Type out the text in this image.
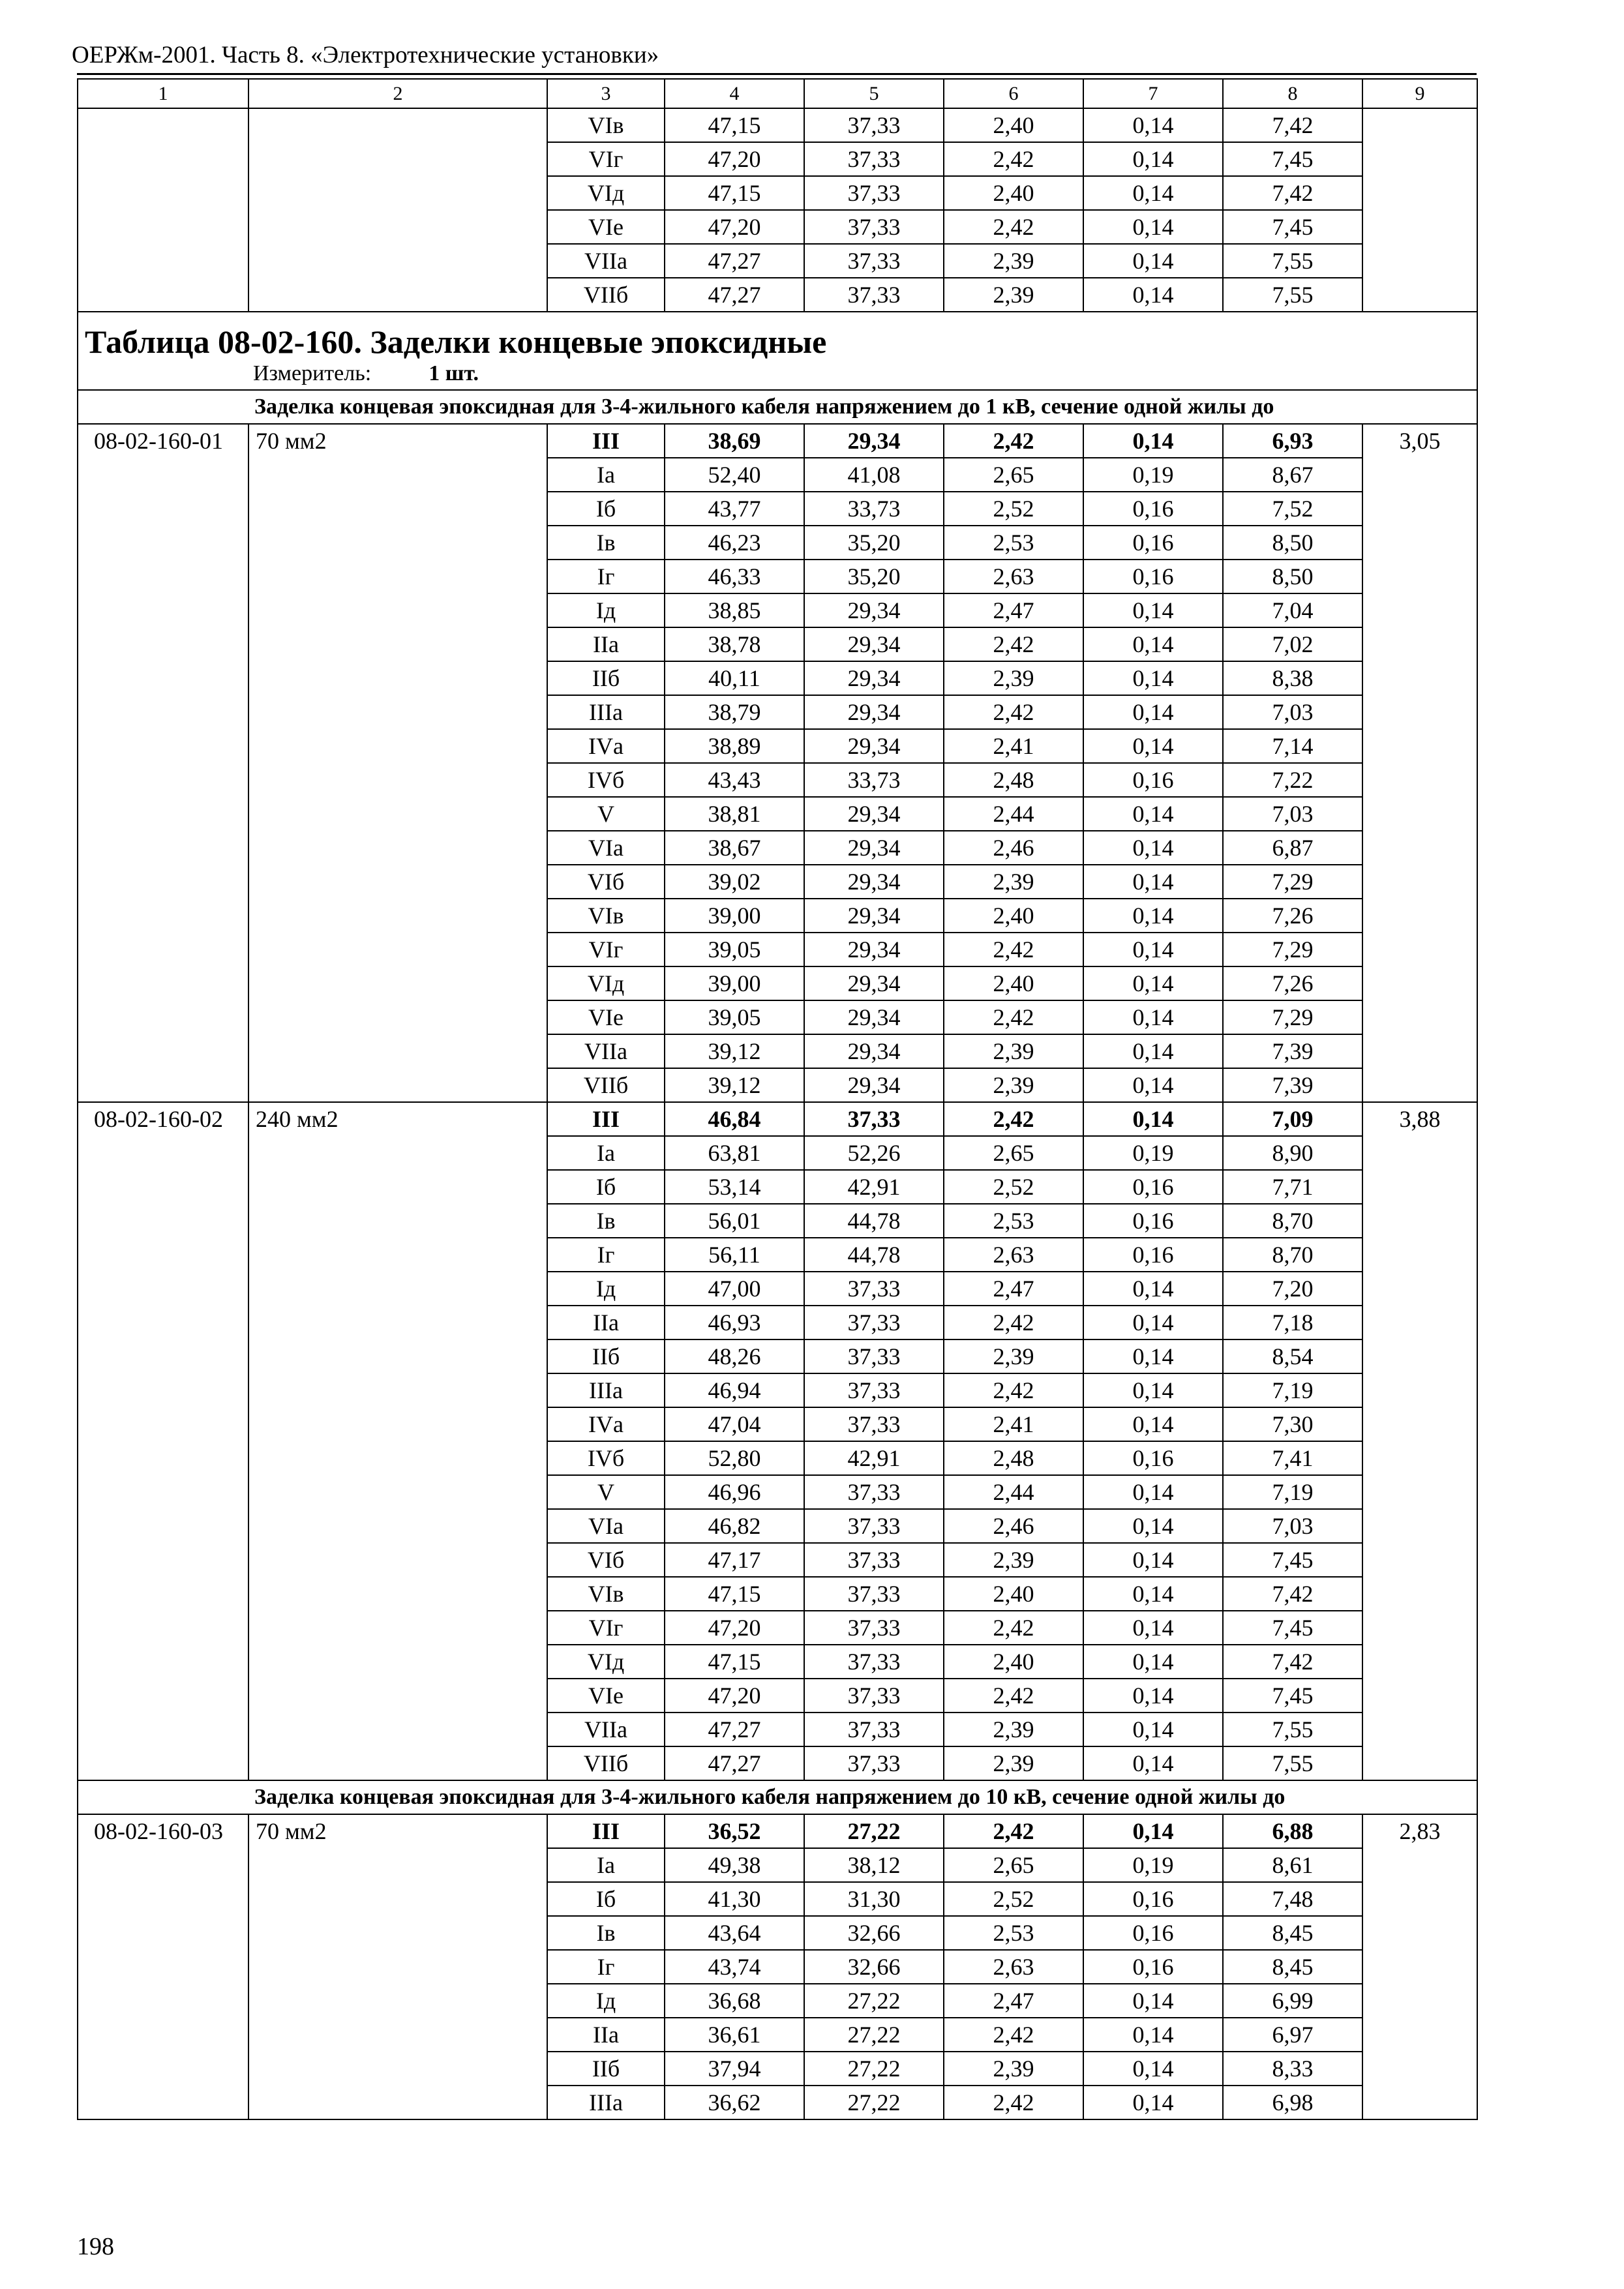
ОЕРЖм-2001. Часть 8. «Электротехнические установки»
1	2	3	4	5	6	7	8	9
		VIв	47,15	37,33	2,40	0,14	7,42	
		VIг	47,20	37,33	2,42	0,14	7,45	
		VIд	47,15	37,33	2,40	0,14	7,42	
		VIе	47,20	37,33	2,42	0,14	7,45	
		VIIа	47,27	37,33	2,39	0,14	7,55	
		VIIб	47,27	37,33	2,39	0,14	7,55	

Таблица 08-02-160. Заделки концевые эпоксидные
Измеритель: 1 шт.								

Заделка концевая эпоксидная для 3-4-жильного кабеля напряжением до 1 кВ, сечение одной жилы до								
08-02-160-01	70 мм2	III	38,69	29,34	2,42	0,14	6,93	3,05
		Iа	52,40	41,08	2,65	0,19	8,67	
		Iб	43,77	33,73	2,52	0,16	7,52	
		Iв	46,23	35,20	2,53	0,16	8,50	
		Iг	46,33	35,20	2,63	0,16	8,50	
		Iд	38,85	29,34	2,47	0,14	7,04	
		IIа	38,78	29,34	2,42	0,14	7,02	
		IIб	40,11	29,34	2,39	0,14	8,38	
		IIIа	38,79	29,34	2,42	0,14	7,03	
		IVа	38,89	29,34	2,41	0,14	7,14	
		IVб	43,43	33,73	2,48	0,16	7,22	
		V	38,81	29,34	2,44	0,14	7,03	
		VIа	38,67	29,34	2,46	0,14	6,87	
		VIб	39,02	29,34	2,39	0,14	7,29	
		VIв	39,00	29,34	2,40	0,14	7,26	
		VIг	39,05	29,34	2,42	0,14	7,29	
		VIд	39,00	29,34	2,40	0,14	7,26	
		VIе	39,05	29,34	2,42	0,14	7,29	
		VIIа	39,12	29,34	2,39	0,14	7,39	
		VIIб	39,12	29,34	2,39	0,14	7,39	
08-02-160-02	240 мм2	III	46,84	37,33	2,42	0,14	7,09	3,88
		Iа	63,81	52,26	2,65	0,19	8,90	
		Iб	53,14	42,91	2,52	0,16	7,71	
		Iв	56,01	44,78	2,53	0,16	8,70	
		Iг	56,11	44,78	2,63	0,16	8,70	
		Iд	47,00	37,33	2,47	0,14	7,20	
		IIа	46,93	37,33	2,42	0,14	7,18	
		IIб	48,26	37,33	2,39	0,14	8,54	
		IIIа	46,94	37,33	2,42	0,14	7,19	
		IVа	47,04	37,33	2,41	0,14	7,30	
		IVб	52,80	42,91	2,48	0,16	7,41	
		V	46,96	37,33	2,44	0,14	7,19	
		VIа	46,82	37,33	2,46	0,14	7,03	
		VIб	47,17	37,33	2,39	0,14	7,45	
		VIв	47,15	37,33	2,40	0,14	7,42	
		VIг	47,20	37,33	2,42	0,14	7,45	
		VIд	47,15	37,33	2,40	0,14	7,42	
		VIе	47,20	37,33	2,42	0,14	7,45	
		VIIа	47,27	37,33	2,39	0,14	7,55	
		VIIб	47,27	37,33	2,39	0,14	7,55	
Заделка концевая эпоксидная для 3-4-жильного кабеля напряжением до 10 кВ, сечение одной жилы до								
08-02-160-03	70 мм2	III	36,52	27,22	2,42	0,14	6,88	2,83
		Iа	49,38	38,12	2,65	0,19	8,61	
		Iб	41,30	31,30	2,52	0,16	7,48	
		Iв	43,64	32,66	2,53	0,16	8,45	
		Iг	43,74	32,66	2,63	0,16	8,45	
		Iд	36,68	27,22	2,47	0,14	6,99	
		IIа	36,61	27,22	2,42	0,14	6,97	
		IIб	37,94	27,22	2,39	0,14	8,33	
		IIIа	36,62	27,22	2,42	0,14	6,98	
198
